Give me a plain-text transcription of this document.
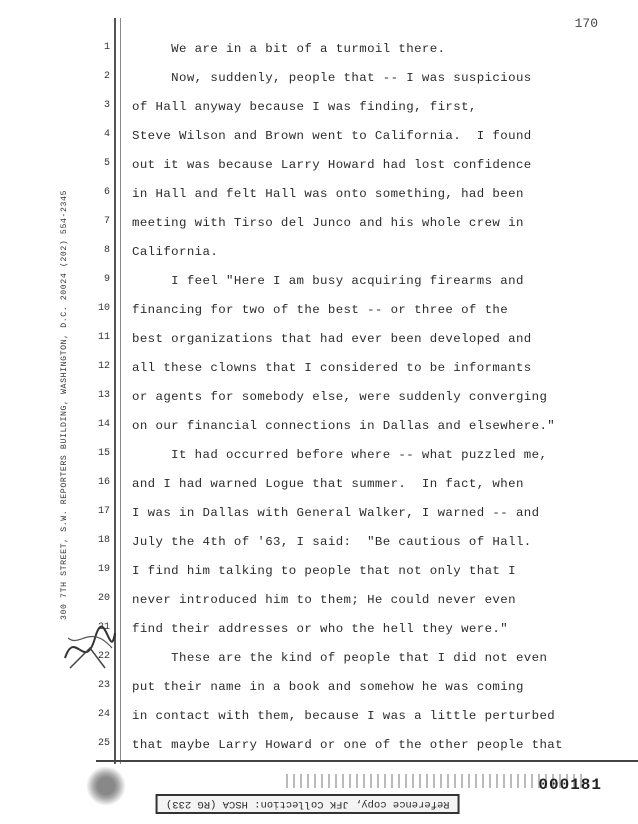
170
300 7TH STREET, S.W. REPORTERS BUILDING, WASHINGTON, D.C. 20024 (202) 554-2345
1
2
3
4
5
6
7
8
9
10
11
12
13
14
15
16
17
18
19
20
21
22
23
24
25
We are in a bit of a turmoil there.
Now, suddenly, people that -- I was suspicious
of Hall anyway because I was finding, first,
Steve Wilson and Brown went to California.  I found
out it was because Larry Howard had lost confidence
in Hall and felt Hall was onto something, had been
meeting with Tirso del Junco and his whole crew in
California.
I feel "Here I am busy acquiring firearms and
financing for two of the best -- or three of the
best organizations that had ever been developed and
all these clowns that I considered to be informants
or agents for somebody else, were suddenly converging
on our financial connections in Dallas and elsewhere."
It had occurred before where -- what puzzled me,
and I had warned Logue that summer.  In fact, when
I was in Dallas with General Walker, I warned -- and
July the 4th of '63, I said:  "Be cautious of Hall.
I find him talking to people that not only that I
never introduced him to them; He could never even
find their addresses or who the hell they were."
These are the kind of people that I did not even
put their name in a book and somehow he was coming
in contact with them, because I was a little perturbed
that maybe Larry Howard or one of the other people that
Reference copy, JFK Collection: HSCA (RG 233)
000181
